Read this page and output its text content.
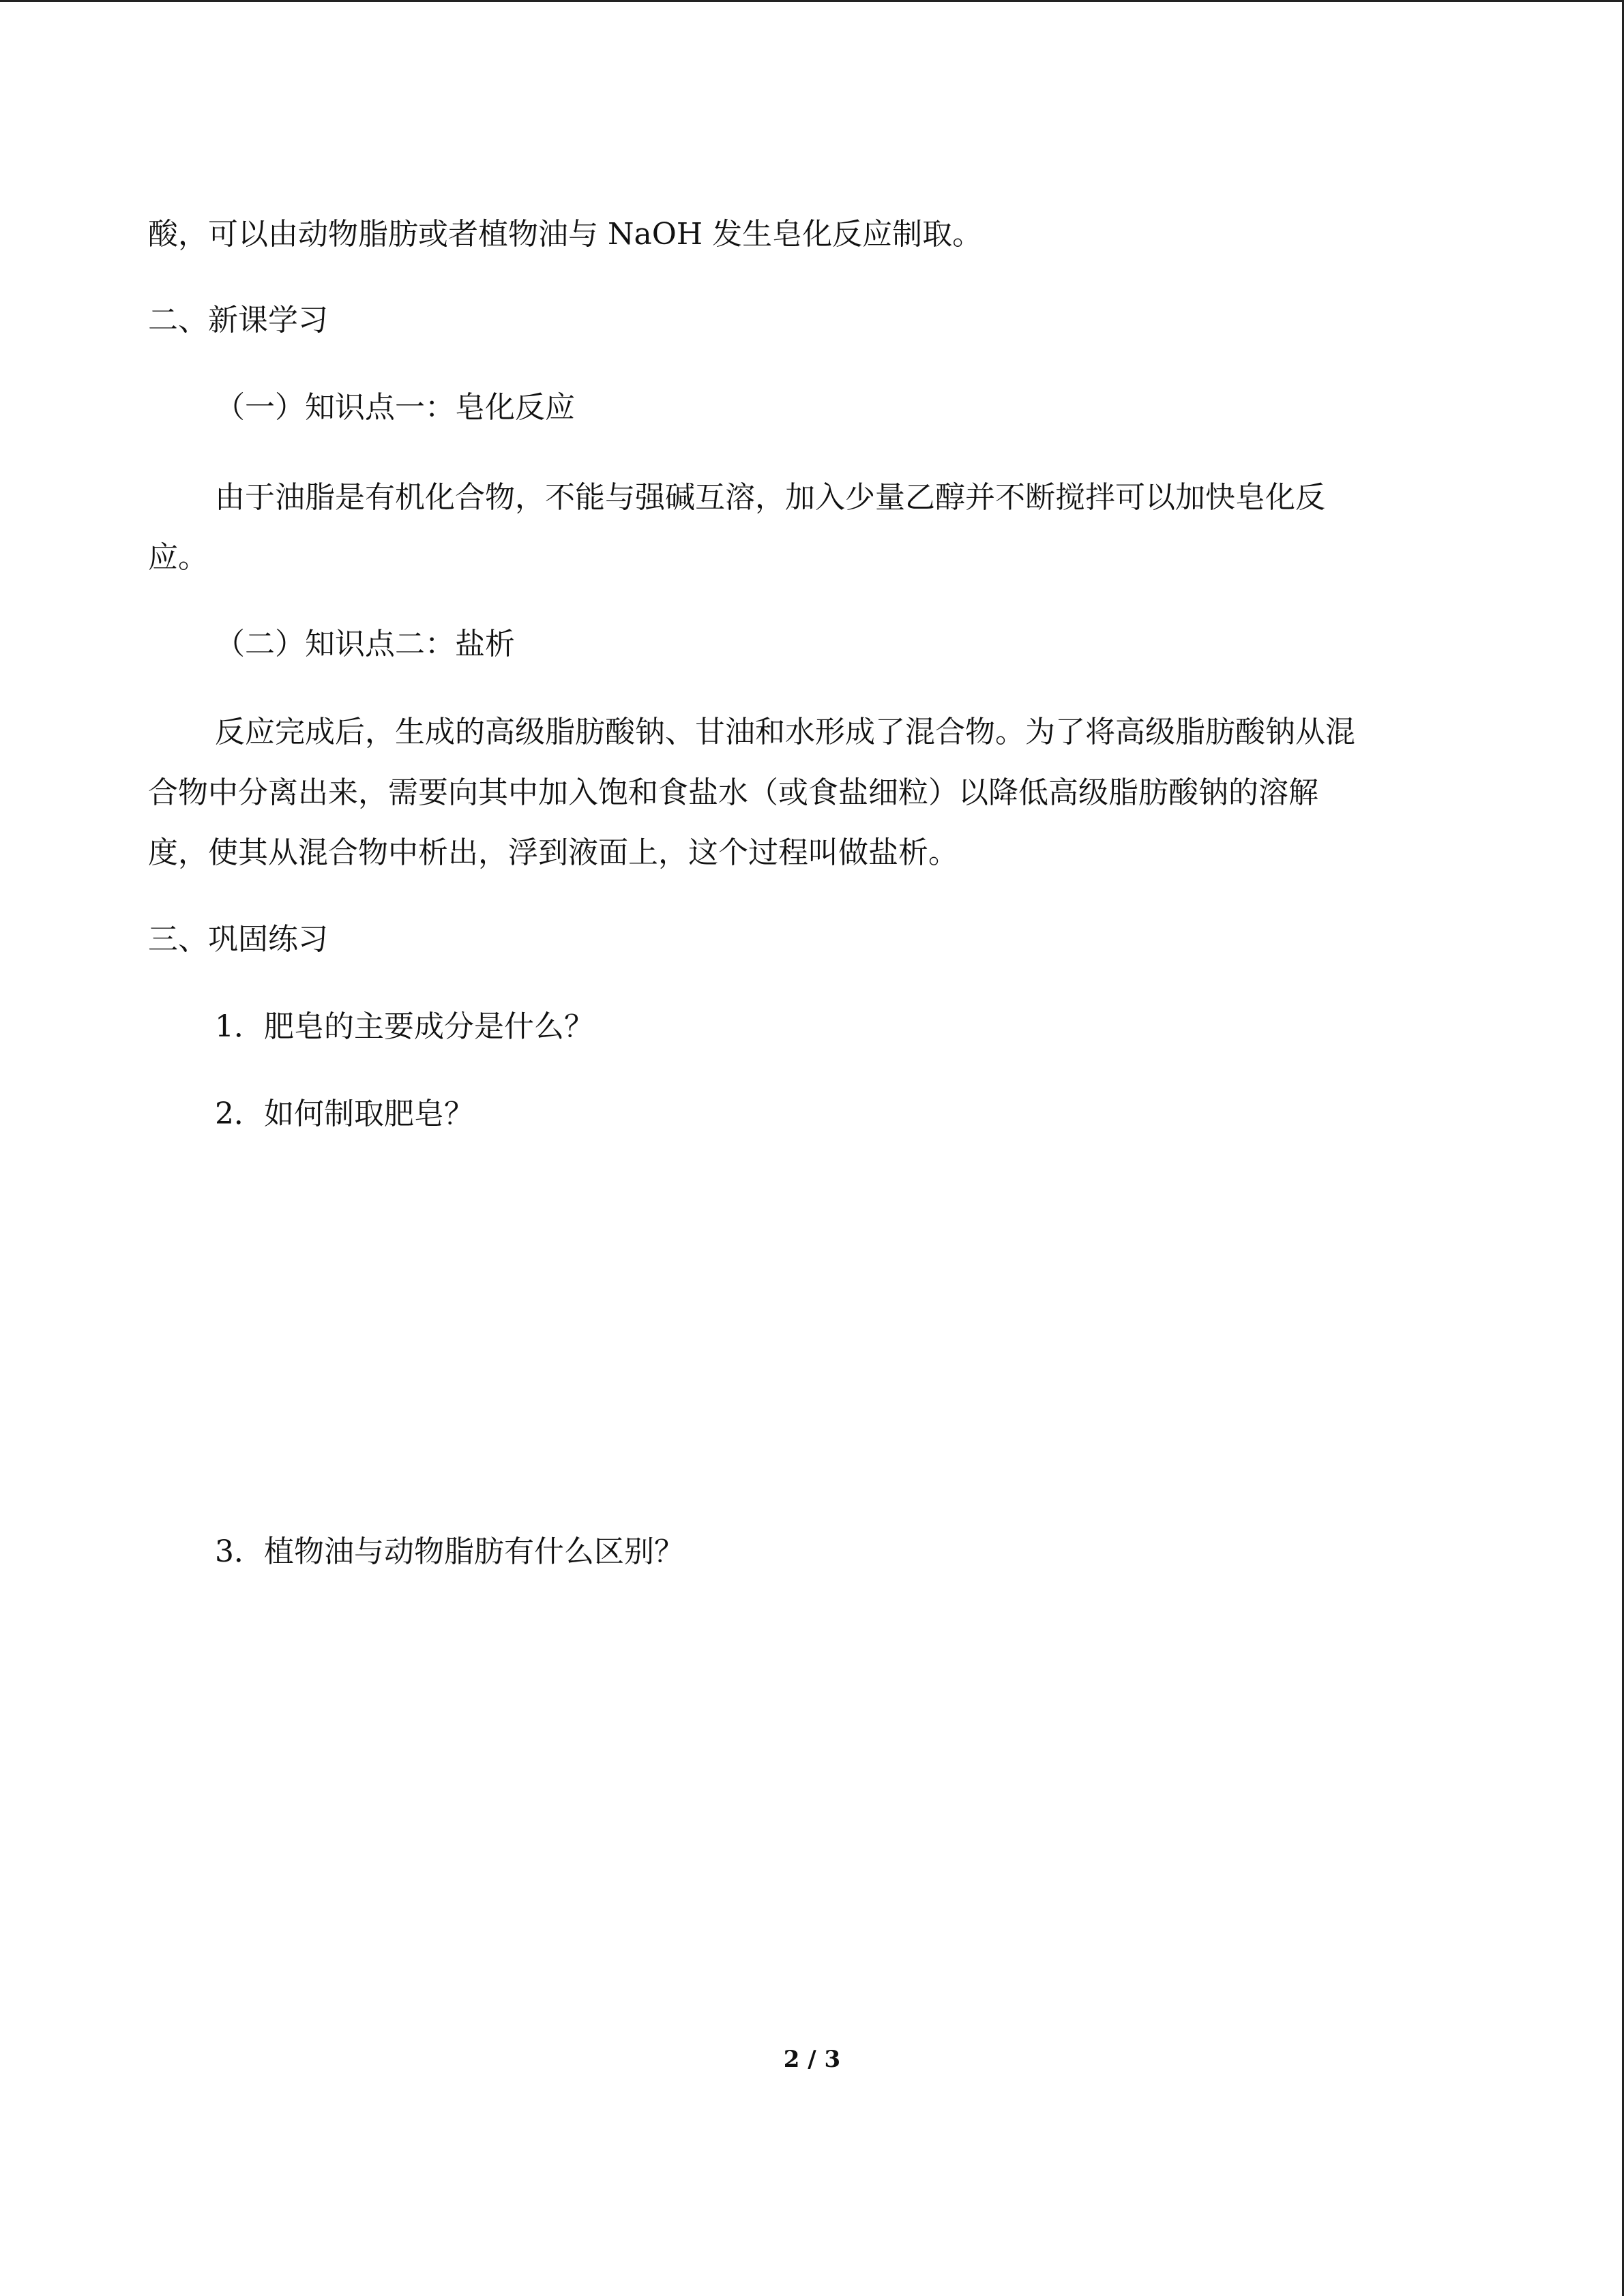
酸，可以由动物脂肪或者植物油与 NaOH 发生皂化反应制取。

二、新课学习

（一）知识点一：皂化反应

由于油脂是有机化合物，不能与强碱互溶，加入少量乙醇并不断搅拌可以加快皂化反

应。

（二）知识点二：盐析

反应完成后，生成的高级脂肪酸钠、甘油和水形成了混合物。为了将高级脂肪酸钠从混

合物中分离出来，需要向其中加入饱和食盐水（或食盐细粒）以降低高级脂肪酸钠的溶解

度，使其从混合物中析出，浮到液面上，这个过程叫做盐析。

三、巩固练习

1．肥皂的主要成分是什么？

2．如何制取肥皂？

3．植物油与动物脂肪有什么区别？

2 / 3
